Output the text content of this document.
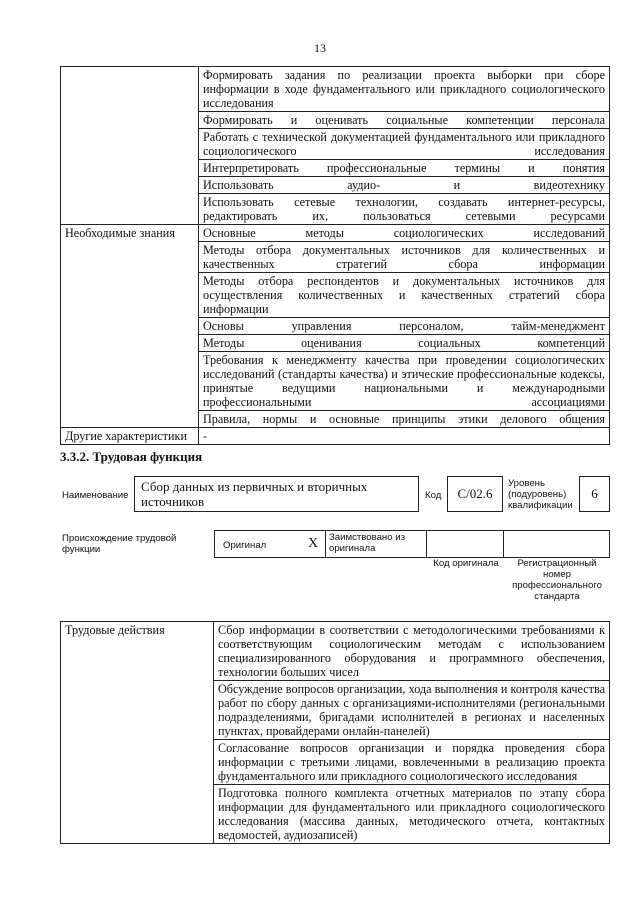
13
	Формировать задания по реализации проекта выборки при сборе информации в ходе фундаментального или прикладного социологического исследования
	Формировать и оценивать социальные компетенции персонала
	Работать с технической документацией фундаментального или прикладного социологического исследования
	Интерпретировать профессиональные термины и понятия
	Использовать аудио- и видеотехнику
	Использовать сетевые технологии, создавать интернет-ресурсы, редактировать их, пользоваться сетевыми ресурсами
Необходимые знания	Основные методы социологических исследований
	Методы отбора документальных источников для количественных и качественных стратегий сбора информации
	Методы отбора респондентов и документальных источников для осуществления количественных и качественных стратегий сбора информации
	Основы управления персоналом, тайм-менеджмент
	Методы оценивания социальных компетенций
	Требования к менеджменту качества при проведении социологических исследований (стандарты качества) и этические профессиональные кодексы, принятые ведущими национальными и международными профессиональными ассоциациями
	Правила, нормы и основные принципы этики делового общения
Другие характеристики	-
3.3.2. Трудовая функция
Наименование
Сбор данных из первичных и вторичных источников	Код	С/02.6
Уровень (подуровень) квалификации
6
Происхождение трудовой функции	Оригинал	X	Заимствовано из оригинала
Код оригинала	Регистрационный номер профессионального стандарта
Трудовые действия	Сбор информации в соответствии с методологическими требованиями к соответствующим социологическим методам с использованием специализированного оборудования и программного обеспечения, технологии больших чисел
Обсуждение вопросов организации, хода выполнения и контроля качества работ по сбору данных с организациями-исполнителями (региональными подразделениями, бригадами исполнителей в регионах и населенных пунктах, провайдерами онлайн-панелей)
Согласование вопросов организации и порядка проведения сбора информации с третьими лицами, вовлеченными в реализацию проекта фундаментального или прикладного социологического исследования
Подготовка полного комплекта отчетных материалов по этапу сбора информации для фундаментального или прикладного социологического исследования (массива данных, методического отчета, контактных ведомостей, аудиозаписей)
